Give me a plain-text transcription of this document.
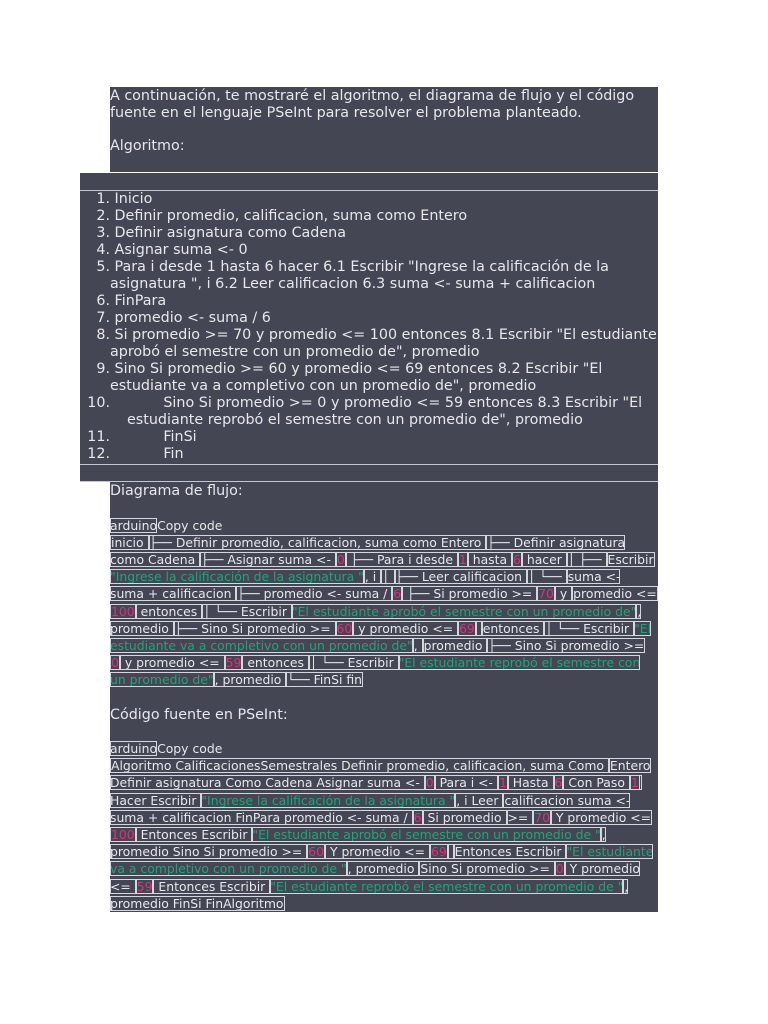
A continuación, te mostraré el algoritmo, el diagrama de flujo y el código fuente en el lenguaje PSeInt para resolver el problema planteado.

Algoritmo:

1. Inicio
2. Definir promedio, calificacion, suma como Entero
3. Definir asignatura como Cadena
4. Asignar suma <- 0
5. Para i desde 1 hasta 6 hacer 6.1 Escribir "Ingrese la calificación de la asignatura ", i 6.2 Leer calificacion 6.3 suma <- suma + calificacion
6. FinPara
7. promedio <- suma / 6
8. Si promedio >= 70 y promedio <= 100 entonces 8.1 Escribir "El estudiante aprobó el semestre con un promedio de", promedio
9. Sino Si promedio >= 60 y promedio <= 69 entonces 8.2 Escribir "El estudiante va a completivo con un promedio de", promedio
10.	Sino Si promedio >= 0 y promedio <= 59 entonces 8.3 Escribir "El estudiante reprobó el semestre con un promedio de", promedio
11.	FinSi
12.	Fin

Diagrama de flujo:

arduinoCopy code
inicio ├── Definir promedio, calificacion, suma como Entero ├── Definir asignatura como Cadena ├── Asignar suma <- 0 ├── Para i desde 1 hasta 6 hacer │ ├── Escribir "Ingrese la calificación de la asignatura ", i │ ├── Leer calificacion │ └── suma <- suma + calificacion ├── promedio <- suma / 6 ├── Si promedio >= 70 y promedio <= 100 entonces │ └── Escribir "El estudiante aprobó el semestre con un promedio de", promedio ├── Sino Si promedio >= 60 y promedio <= 69 entonces │ └── Escribir "El estudiante va a completivo con un promedio de", promedio ├── Sino Si promedio >= 0 y promedio <= 59 entonces │ └── Escribir "El estudiante reprobó el semestre con un promedio de", promedio └── FinSi fin

Código fuente en PSeInt:

arduinoCopy code
Algoritmo CalificacionesSemestrales Definir promedio, calificacion, suma Como Entero Definir asignatura Como Cadena Asignar suma <- 0 Para i <- 1 Hasta 6 Con Paso 1 Hacer Escribir "Ingrese la calificación de la asignatura ", i Leer calificacion suma <- suma + calificacion FinPara promedio <- suma / 6 Si promedio >= 70 Y promedio <= 100 Entonces Escribir "El estudiante aprobó el semestre con un promedio de ", promedio Sino Si promedio >= 60 Y promedio <= 69 Entonces Escribir "El estudiante va a completivo con un promedio de ", promedio Sino Si promedio >= 0 Y promedio <= 59 Entonces Escribir "El estudiante reprobó el semestre con un promedio de ", promedio FinSi FinAlgoritmo
